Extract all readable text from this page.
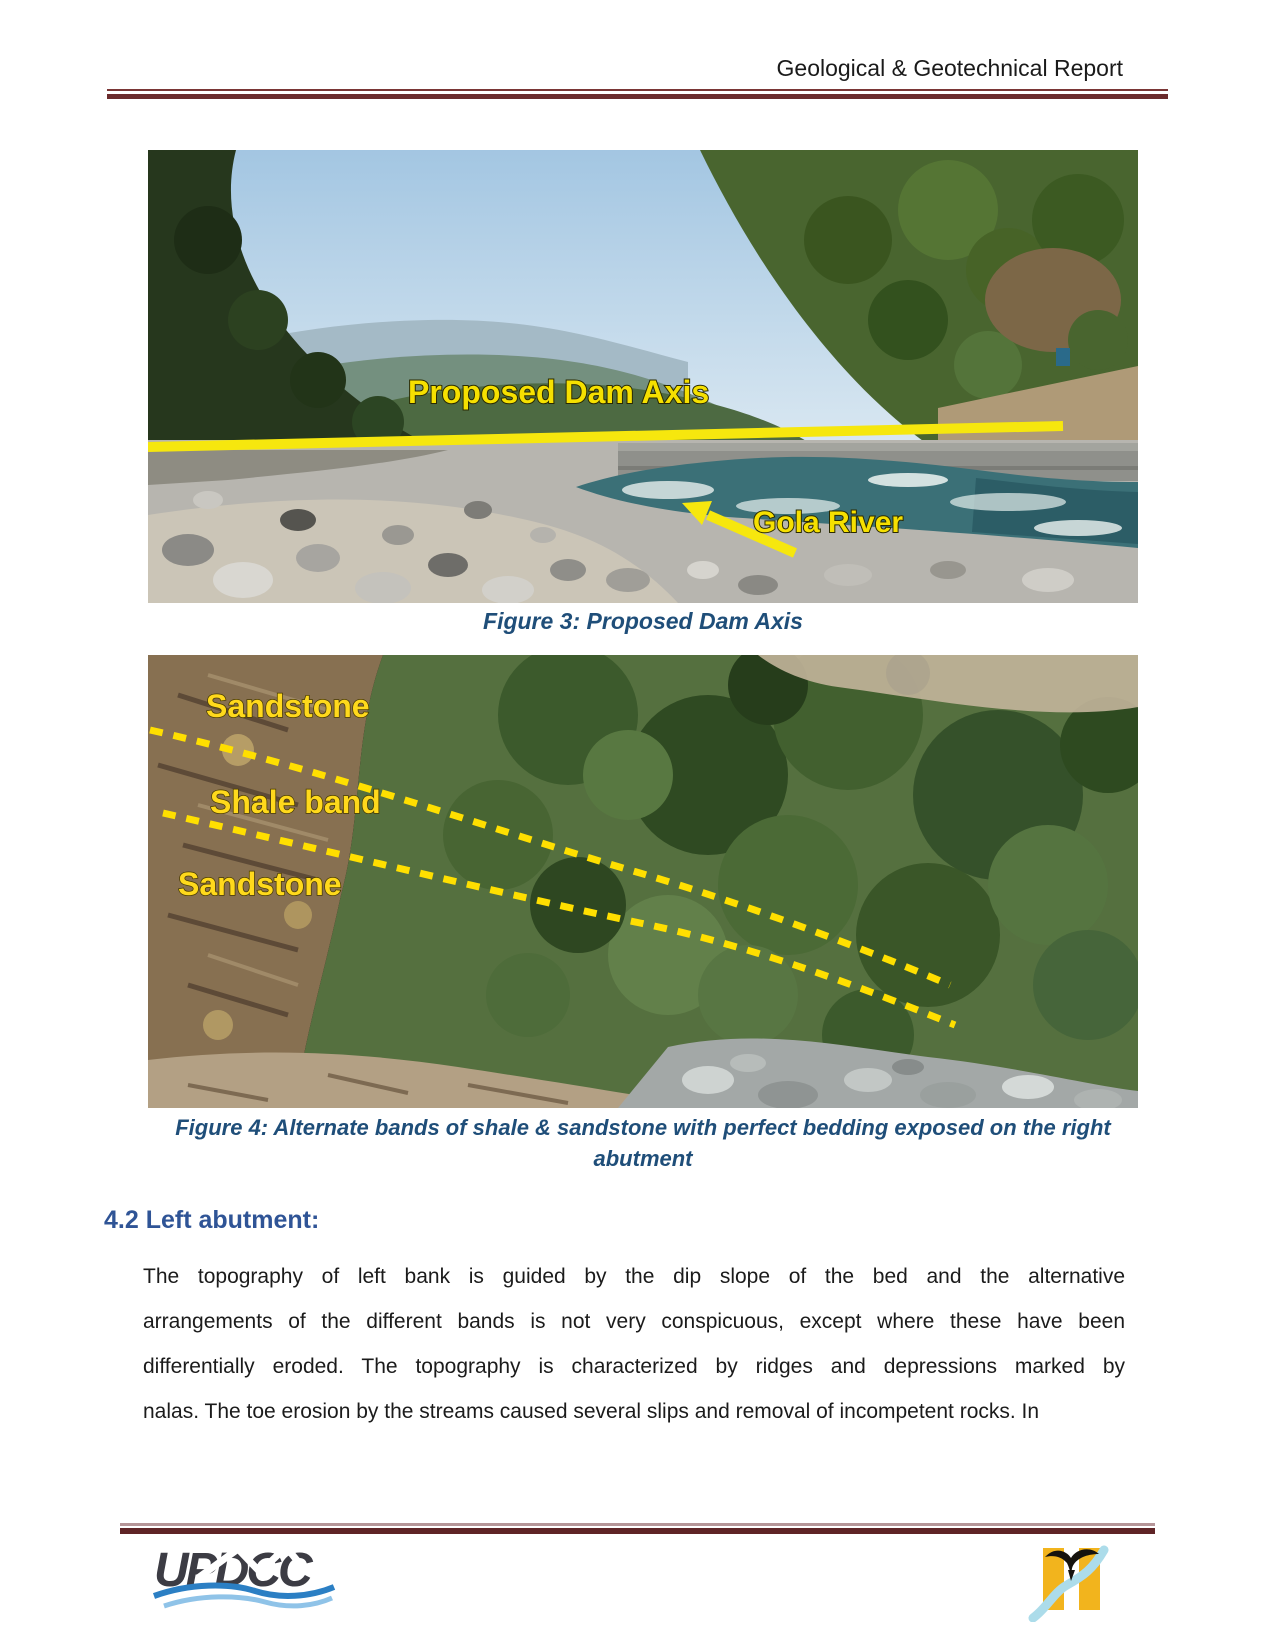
Geological & Geotechnical Report
Proposed Dam Axis
Gola River
Figure 3: Proposed Dam Axis
Sandstone
Shale band
Sandstone
Figure 4: Alternate bands of shale & sandstone with perfect bedding exposed on the right
abutment
4.2 Left abutment:
The topography of left bank is guided by the dip slope of the bed and the alternative
arrangements of the different bands is not very conspicuous, except where these have been
differentially eroded. The topography is characterized by ridges and depressions marked by
nalas. The toe erosion by the streams caused several slips and removal of incompetent rocks. In
UPDCC
